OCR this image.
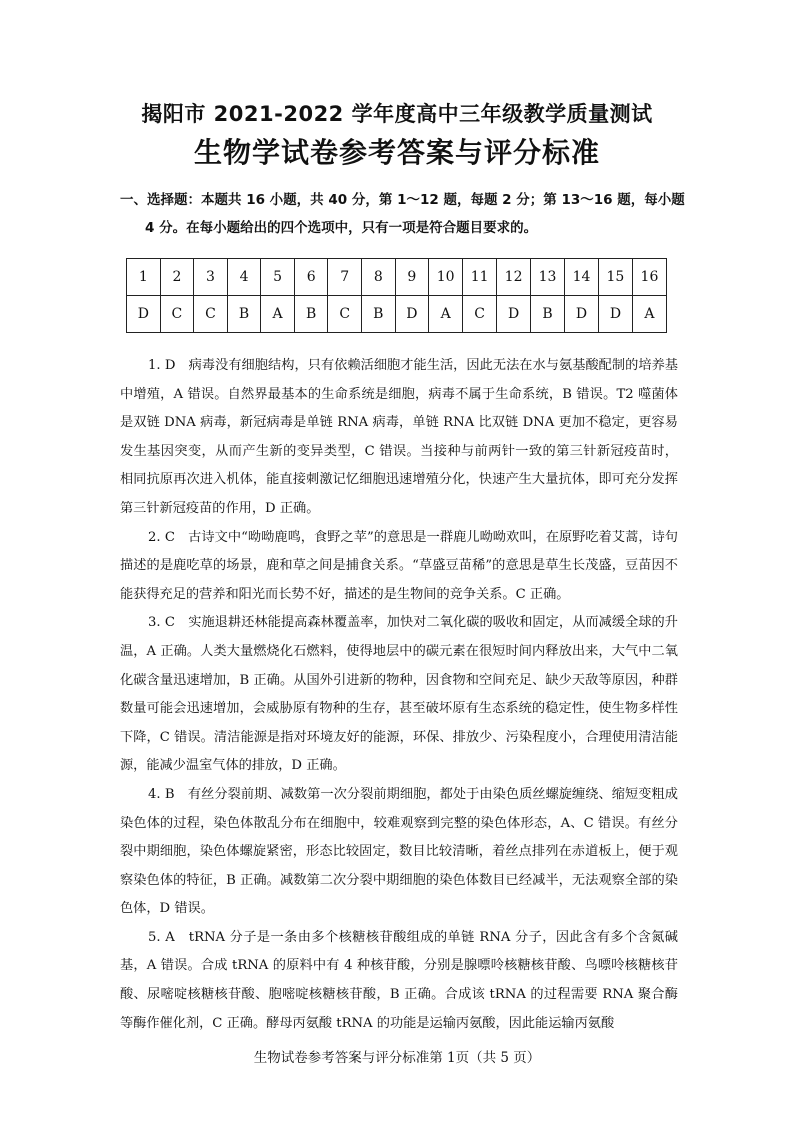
揭阳市 2021-2022 学年度高中三年级教学质量测试
生物学试卷参考答案与评分标准
一、选择题：本题共 16 小题，共 40 分，第 1～12 题，每题 2 分；第 13～16 题，每小题 4 分。在每小题给出的四个选项中，只有一项是符合题目要求的。
1	2	3	4	5	6	7	8	9	10	11	12	13	14	15	16
D	C	C	B	A	B	C	B	D	A	C	D	B	D	D	A

1. D　病毒没有细胞结构，只有依赖活细胞才能生活，因此无法在水与氨基酸配制的培养基中增殖，A 错误。自然界最基本的生命系统是细胞，病毒不属于生命系统，B 错误。T2 噬菌体是双链 DNA 病毒，新冠病毒是单链 RNA 病毒，单链 RNA 比双链 DNA 更加不稳定，更容易发生基因突变，从而产生新的变异类型，C 错误。当接种与前两针一致的第三针新冠疫苗时， 相同抗原再次进入机体，能直接刺激记忆细胞迅速增殖分化，快速产生大量抗体，即可充分发挥第三针新冠疫苗的作用，D 正确。

2. C　古诗文中“呦呦鹿鸣，食野之苹”的意思是一群鹿儿呦呦欢叫，在原野吃着艾蒿，诗句描述的是鹿吃草的场景，鹿和草之间是捕食关系。“草盛豆苗稀”的意思是草生长茂盛，豆苗因不能获得充足的营养和阳光而长势不好，描述的是生物间的竞争关系。C 正确。

3. C　实施退耕还林能提高森林覆盖率，加快对二氧化碳的吸收和固定，从而减缓全球的升温，A 正确。人类大量燃烧化石燃料，使得地层中的碳元素在很短时间内释放出来，大气中二氧化碳含量迅速增加，B 正确。从国外引进新的物种，因食物和空间充足、缺少天敌等原因，种群数量可能会迅速增加，会威胁原有物种的生存，甚至破坏原有生态系统的稳定性，使生物多样性下降，C 错误。清洁能源是指对环境友好的能源，环保、排放少、污染程度小，合理使用清洁能源，能减少温室气体的排放，D 正确。

4. B　有丝分裂前期、减数第一次分裂前期细胞，都处于由染色质丝螺旋缠绕、缩短变粗成染色体的过程，染色体散乱分布在细胞中，较难观察到完整的染色体形态，A、C 错误。有丝分裂中期细胞，染色体螺旋紧密，形态比较固定，数目比较清晰，着丝点排列在赤道板上，便于观察染色体的特征，B 正确。减数第二次分裂中期细胞的染色体数目已经减半，无法观察全部的染色体，D 错误。

5. A　tRNA 分子是一条由多个核糖核苷酸组成的单链 RNA 分子，因此含有多个含氮碱基，A 错误。合成 tRNA 的原料中有 4 种核苷酸，分别是腺嘌呤核糖核苷酸、鸟嘌呤核糖核苷酸、尿嘧啶核糖核苷酸、胞嘧啶核糖核苷酸，B 正确。合成该 tRNA 的过程需要 RNA 聚合酶等酶作催化剂，C 正确。酵母丙氨酸 tRNA 的功能是运输丙氨酸，因此能运输丙氨酸

生物试卷参考答案与评分标准第 1页（共 5 页）
